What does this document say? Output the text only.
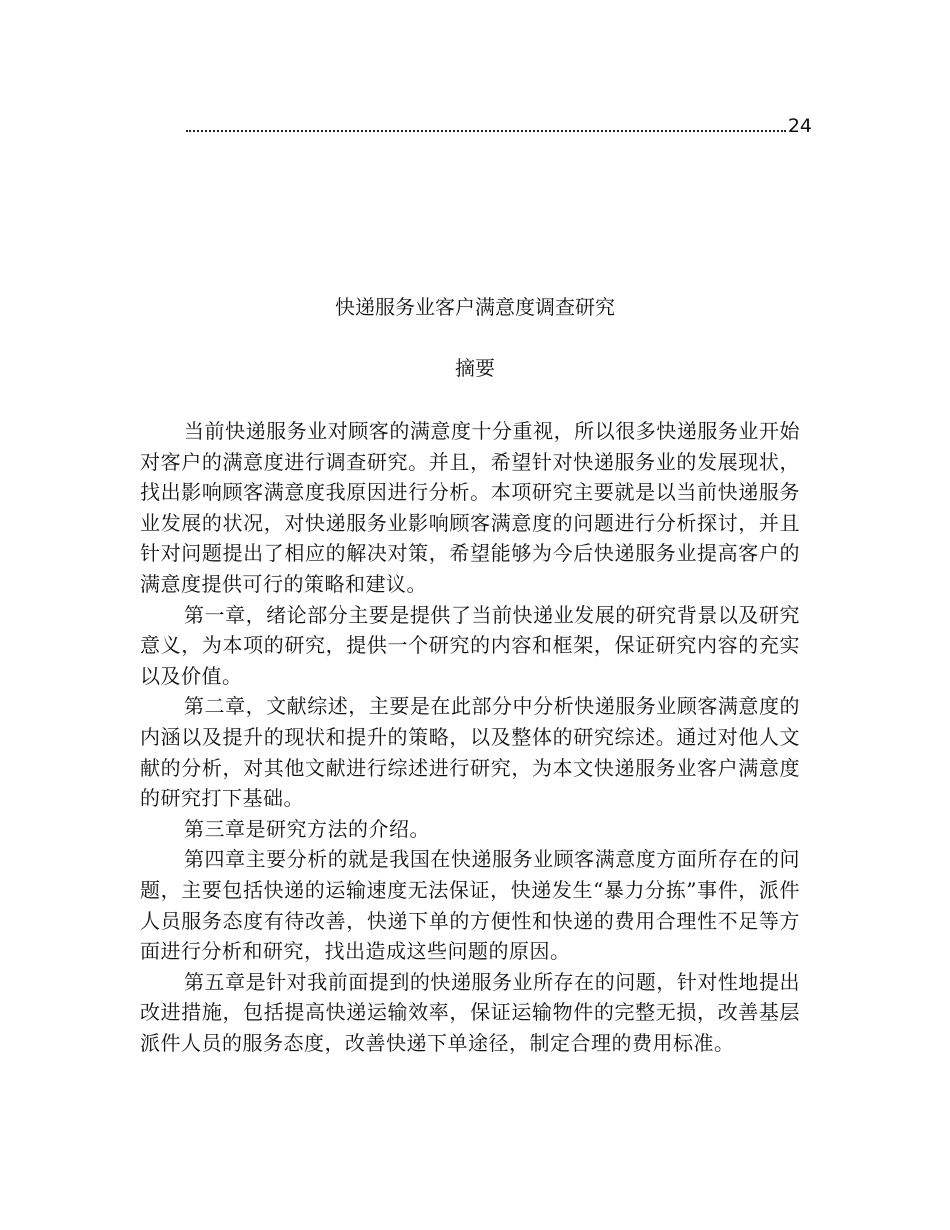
24
快递服务业客户满意度调查研究
摘要

当前快递服务业对顾客的满意度十分重视，所以很多快递服务业开始对客户的满意度进行调查研究。并且，希望针对快递服务业的发展现状，找出影响顾客满意度我原因进行分析。本项研究主要就是以当前快递服务业发展的状况，对快递服务业影响顾客满意度的问题进行分析探讨，并且针对问题提出了相应的解决对策，希望能够为今后快递服务业提高客户的满意度提供可行的策略和建议。

第一章，绪论部分主要是提供了当前快递业发展的研究背景以及研究意义，为本项的研究，提供一个研究的内容和框架，保证研究内容的充实以及价值。

第二章，文献综述，主要是在此部分中分析快递服务业顾客满意度的内涵以及提升的现状和提升的策略，以及整体的研究综述。通过对他人文献的分析，对其他文献进行综述进行研究，为本文快递服务业客户满意度的研究打下基础。

第三章是研究方法的介绍。

第四章主要分析的就是我国在快递服务业顾客满意度方面所存在的问题，主要包括快递的运输速度无法保证，快递发生“暴力分拣”事件，派件人员服务态度有待改善，快递下单的方便性和快递的费用合理性不足等方面进行分析和研究，找出造成这些问题的原因。

第五章是针对我前面提到的快递服务业所存在的问题，针对性地提出改进措施，包括提高快递运输效率，保证运输物件的完整无损，改善基层派件人员的服务态度，改善快递下单途径，制定合理的费用标准。
